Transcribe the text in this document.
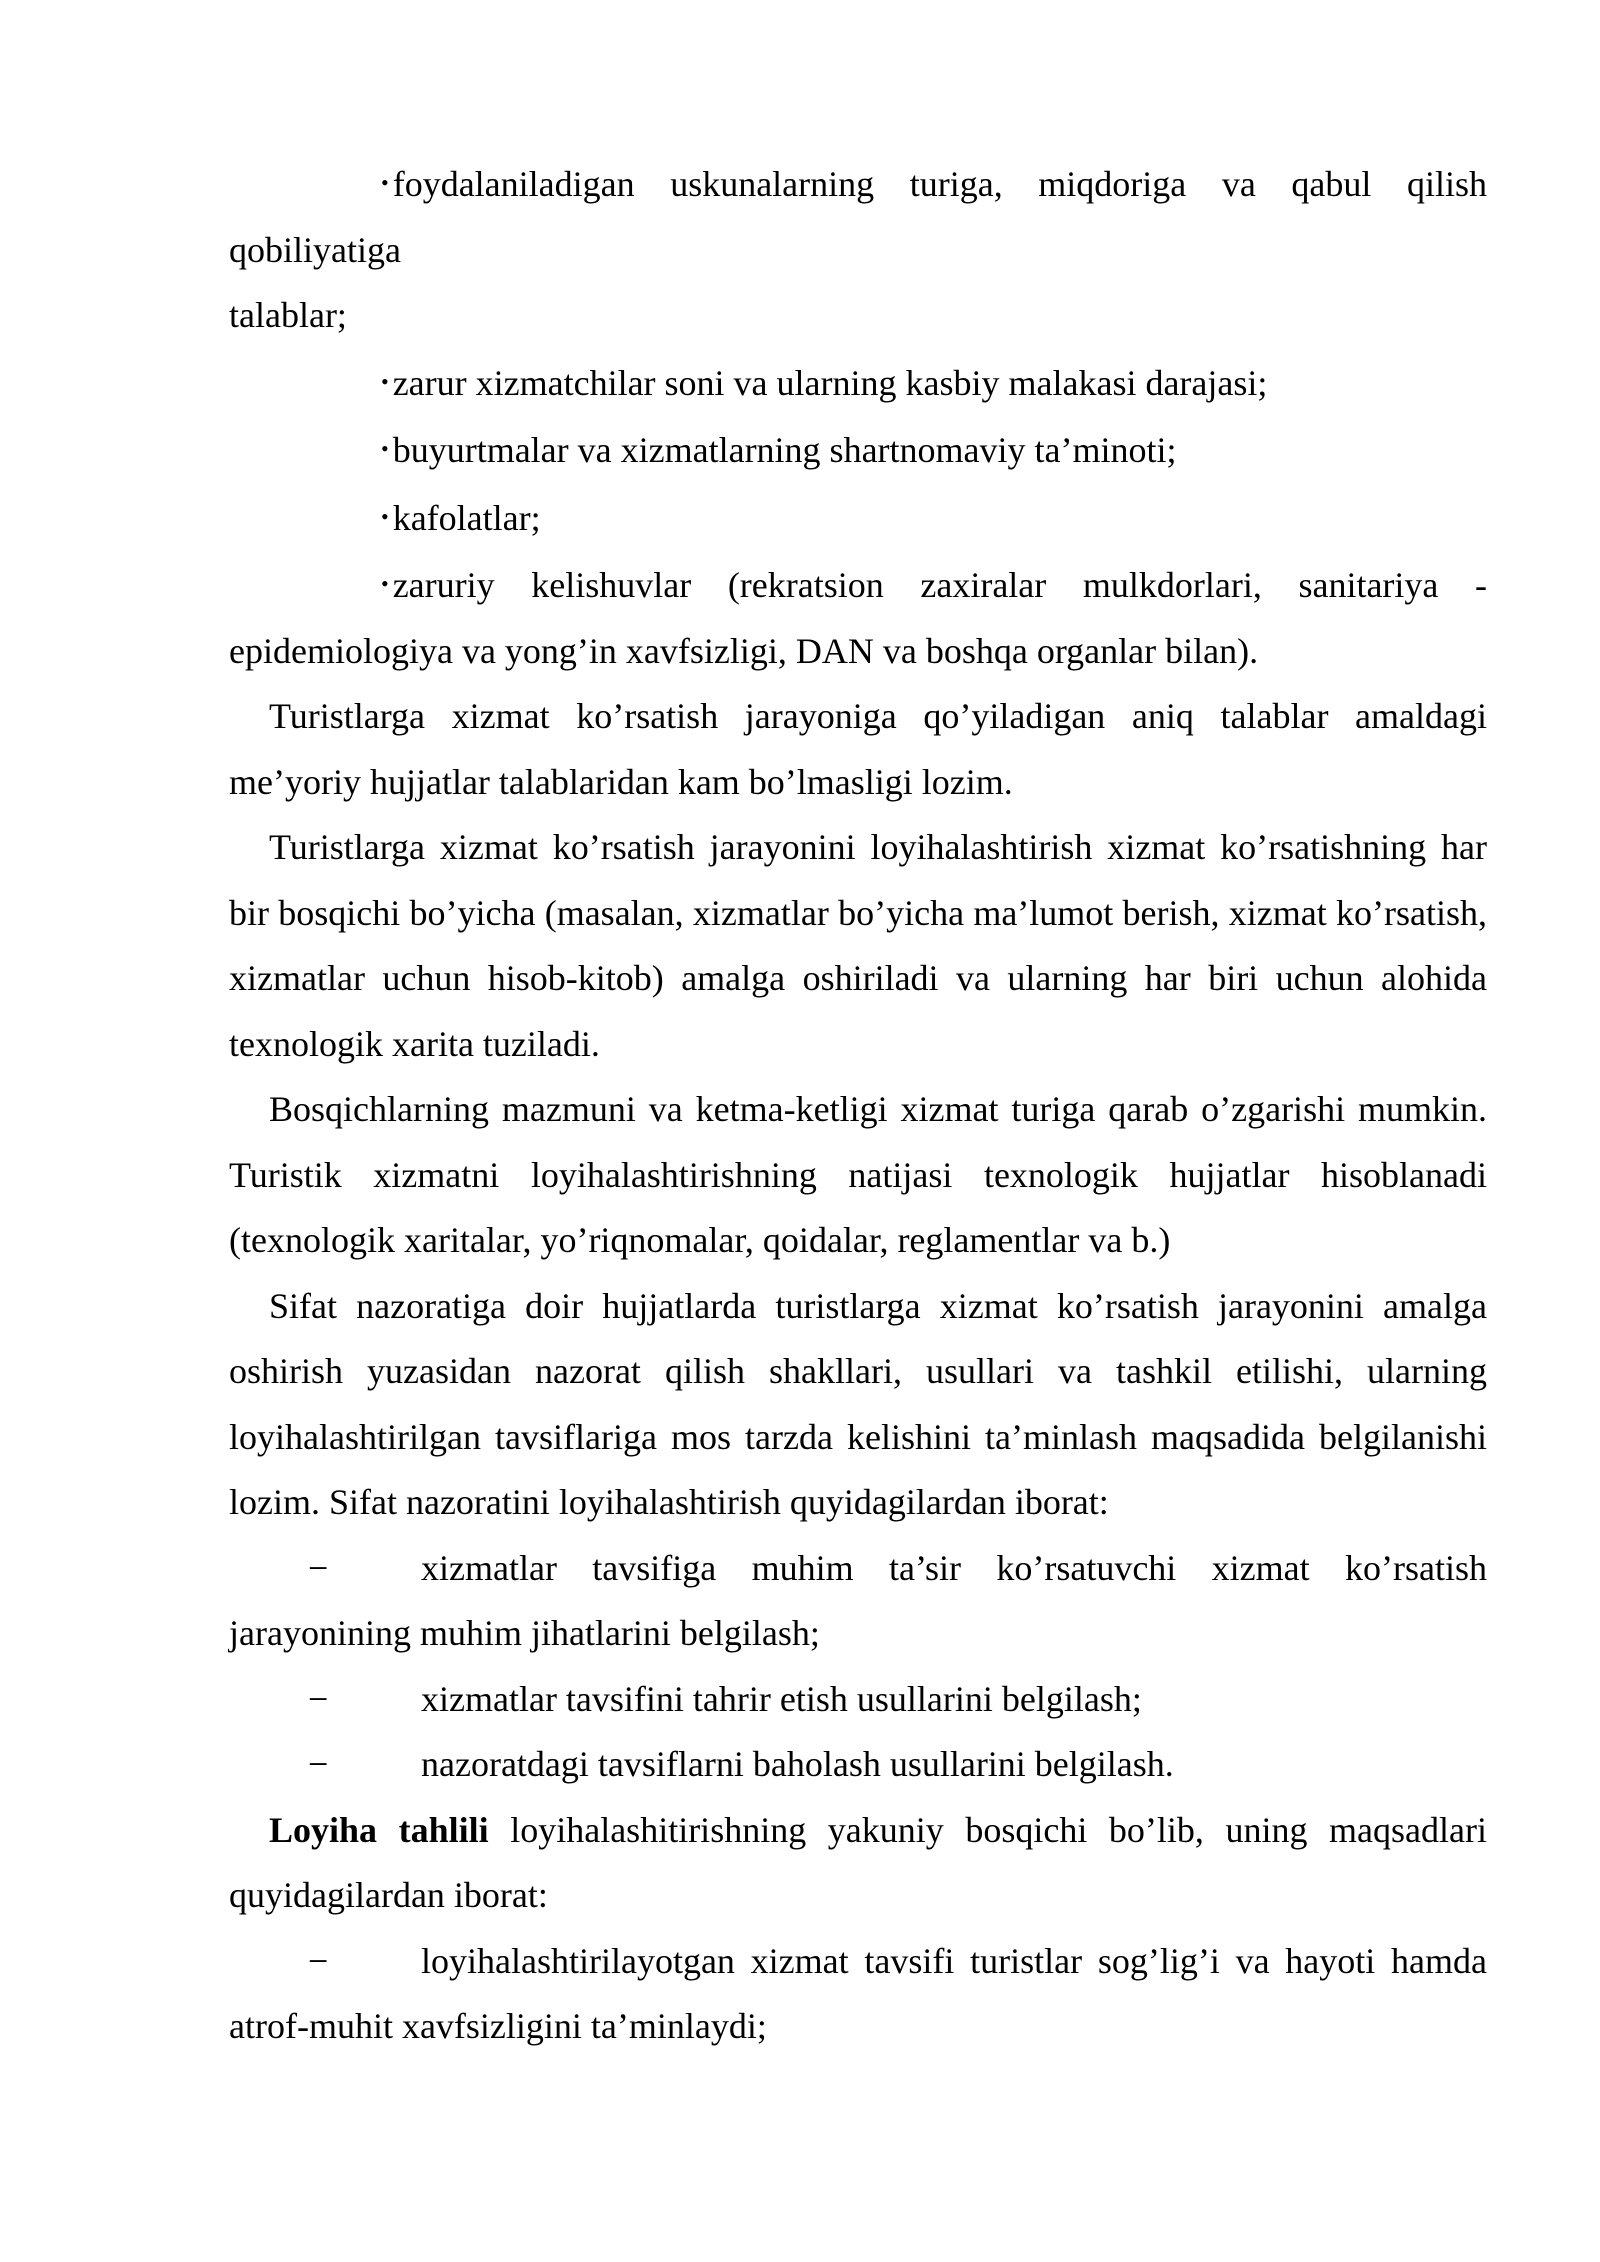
• foydalaniladigan uskunalarning turiga, miqdoriga va qabul qilish qobiliyatiga

talablar;

• zarur xizmatchilar soni va ularning kasbiy malakasi darajasi;

• buyurtmalar va xizmatlarning shartnomaviy ta’minoti;

• kafolatlar;

• zaruriy kelishuvlar (rekratsion zaxiralar mulkdorlari, sanitariya -

epidemiologiya va yong’in xavfsizligi, DAN va boshqa organlar bilan).

Turistlarga xizmat ko’rsatish jarayoniga qo’yiladigan aniq talablar amaldagi me’yoriy hujjatlar talablaridan kam bo’lmasligi lozim.

Turistlarga xizmat ko’rsatish jarayonini loyihalashtirish xizmat ko’rsatishning har bir bosqichi bo’yicha (masalan, xizmatlar bo’yicha ma’lumot berish, xizmat ko’rsatish, xizmatlar uchun hisob-kitob) amalga oshiriladi va ularning har biri uchun alohida texnologik xarita tuziladi.

Bosqichlarning mazmuni va ketma-ketligi xizmat turiga qarab o’zgarishi mumkin. Turistik xizmatni loyihalashtirishning natijasi texnologik hujjatlar hisoblanadi (texnologik xaritalar, yo’riqnomalar, qoidalar, reglamentlar va b.)

Sifat nazoratiga doir hujjatlarda turistlarga xizmat ko’rsatish jarayonini amalga oshirish yuzasidan nazorat qilish shakllari, usullari va tashkil etilishi, ularning loyihalashtirilgan tavsiflariga mos tarzda kelishini ta’minlash maqsadida belgilanishi lozim. Sifat nazoratini loyihalashtirish quyidagilardan iborat:

−	xizmatlar tavsifiga muhim ta’sir ko’rsatuvchi xizmat ko’rsatish
jarayonining muhim jihatlarini belgilash;
−	xizmatlar tavsifini tahrir etish usullarini belgilash;
−	nazoratdagi tavsiflarni baholash usullarini belgilash.

Loyiha tahlili loyihalashitirishning yakuniy bosqichi bo’lib, uning maqsadlari quyidagilardan iborat:

−	loyihalashtirilayotgan xizmat tavsifi turistlar sog’lig’i va hayoti hamda
atrof-muhit xavfsizligini ta’minlaydi;
